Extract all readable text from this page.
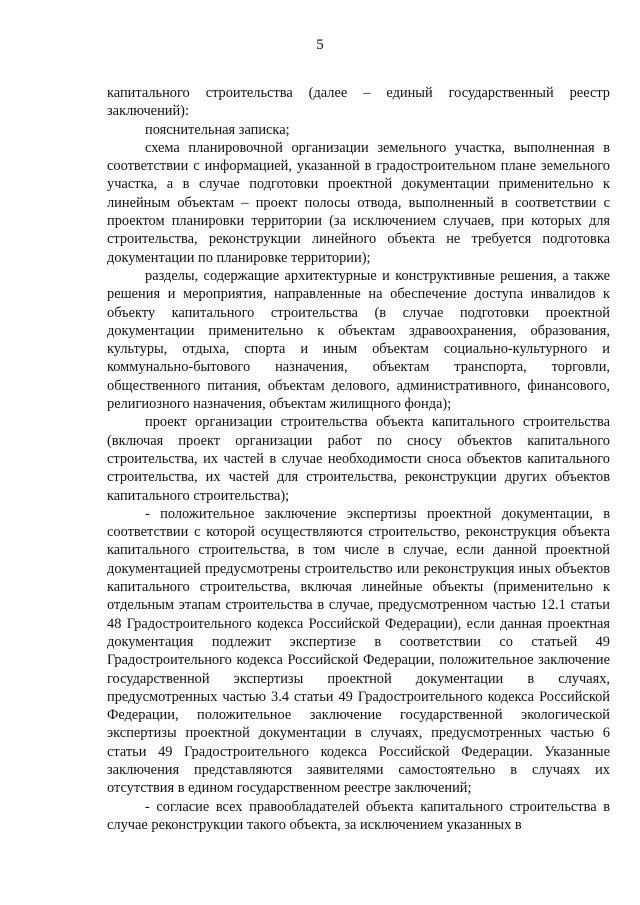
5

капитального строительства (далее – единый государственный реестр заключений):

пояснительная записка;

схема планировочной организации земельного участка, выполненная в соответствии с информацией, указанной в градостроительном плане земельного участка, а в случае подготовки проектной документации применительно к линейным объектам – проект полосы отвода, выполненный в соответствии с проектом планировки территории (за исключением случаев, при которых для строительства, реконструкции линейного объекта не требуется подготовка документации по планировке территории);

разделы, содержащие архитектурные и конструктивные решения, а также решения и мероприятия, направленные на обеспечение доступа инвалидов к объекту капитального строительства (в случае подготовки проектной документации применительно к объектам здравоохранения, образования, культуры, отдыха, спорта и иным объектам социально-культурного и коммунально-бытового назначения, объектам транспорта, торговли, общественного питания, объектам делового, административного, финансового, религиозного назначения, объектам жилищного фонда);

проект организации строительства объекта капитального строительства (включая проект организации работ по сносу объектов капитального строительства, их частей в случае необходимости сноса объектов капитального строительства, их частей для строительства, реконструкции других объектов капитального строительства);

- положительное заключение экспертизы проектной документации, в соответствии с которой осуществляются строительство, реконструкция объекта капитального строительства, в том числе в случае, если данной проектной документацией предусмотрены строительство или реконструкция иных объектов капитального строительства, включая линейные объекты (применительно к отдельным этапам строительства в случае, предусмотренном частью 12.1 статьи 48 Градостроительного кодекса Российской Федерации), если данная проектная документация подлежит экспертизе в соответствии со статьей 49 Градостроительного кодекса Российской Федерации, положительное заключение государственной экспертизы проектной документации в случаях, предусмотренных частью 3.4 статьи 49 Градостроительного кодекса Российской Федерации, положительное заключение государственной экологической экспертизы проектной документации в случаях, предусмотренных частью 6 статьи 49 Градостроительного кодекса Российской Федерации. Указанные заключения представляются заявителями самостоятельно в случаях их отсутствия в едином государственном реестре заключений;

- согласие всех правообладателей объекта капитального строительства в случае реконструкции такого объекта, за исключением указанных в
